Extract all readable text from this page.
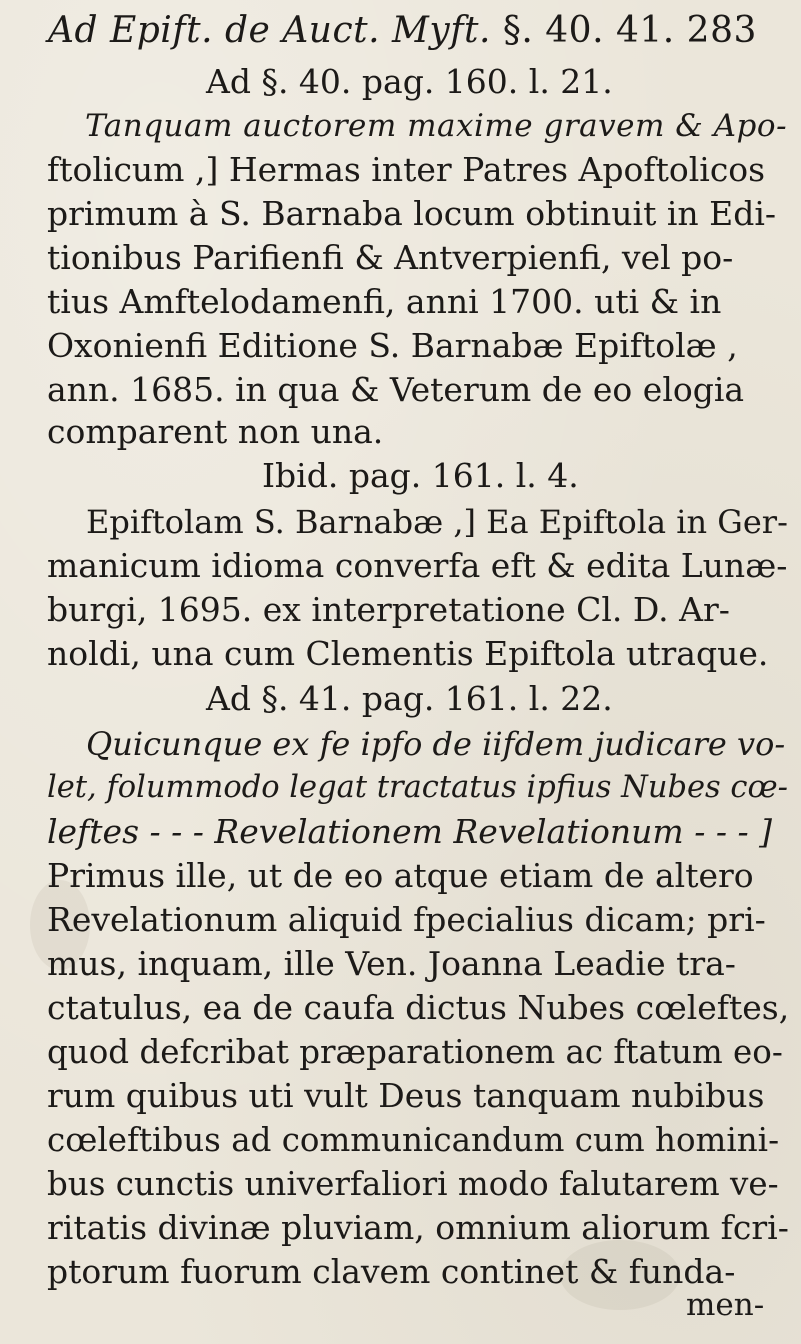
Ad Epift. de Auct. Myft. §. 40. 41. 283
Ad §. 40. pag. 160. l. 21.
Tanquam auctorem maxime gravem & Apo-
ftolicum ,] Hermas inter Patres Apoftolicos
primum à S. Barnaba locum obtinuit in Edi-
tionibus Parifienfi & Antverpienfi, vel po-
tius Amftelodamenfi, anni 1700. uti & in
Oxonienfi Editione S. Barnabæ Epiftolæ ,
ann. 1685. in qua & Veterum de eo elogia
comparent non una.
Ibid. pag. 161. l. 4.
Epiftolam S. Barnabæ ,] Ea Epiftola in Ger-
manicum idioma converfa eft & edita Lunæ-
burgi, 1695. ex interpretatione Cl. D. Ar-
noldi, una cum Clementis Epiftola utraque.
Ad §. 41. pag. 161. l. 22.
Quicunque ex fe ipfo de iifdem judicare vo-
let, folummodo legat tractatus ipfius Nubes cœ-
leftes - - - Revelationem Revelationum - - - ]
Primus ille, ut de eo atque etiam de altero
Revelationum aliquid fpecialius dicam; pri-
mus, inquam, ille Ven. Joanna Leadie tra-
ctatulus, ea de caufa dictus Nubes cœleftes,
quod defcribat præparationem ac ftatum eo-
rum quibus uti vult Deus tanquam nubibus
cœleftibus ad communicandum cum homini-
bus cunctis univerfaliori modo falutarem ve-
ritatis divinæ pluviam, omnium aliorum fcri-
ptorum fuorum clavem continet & funda-
men-
